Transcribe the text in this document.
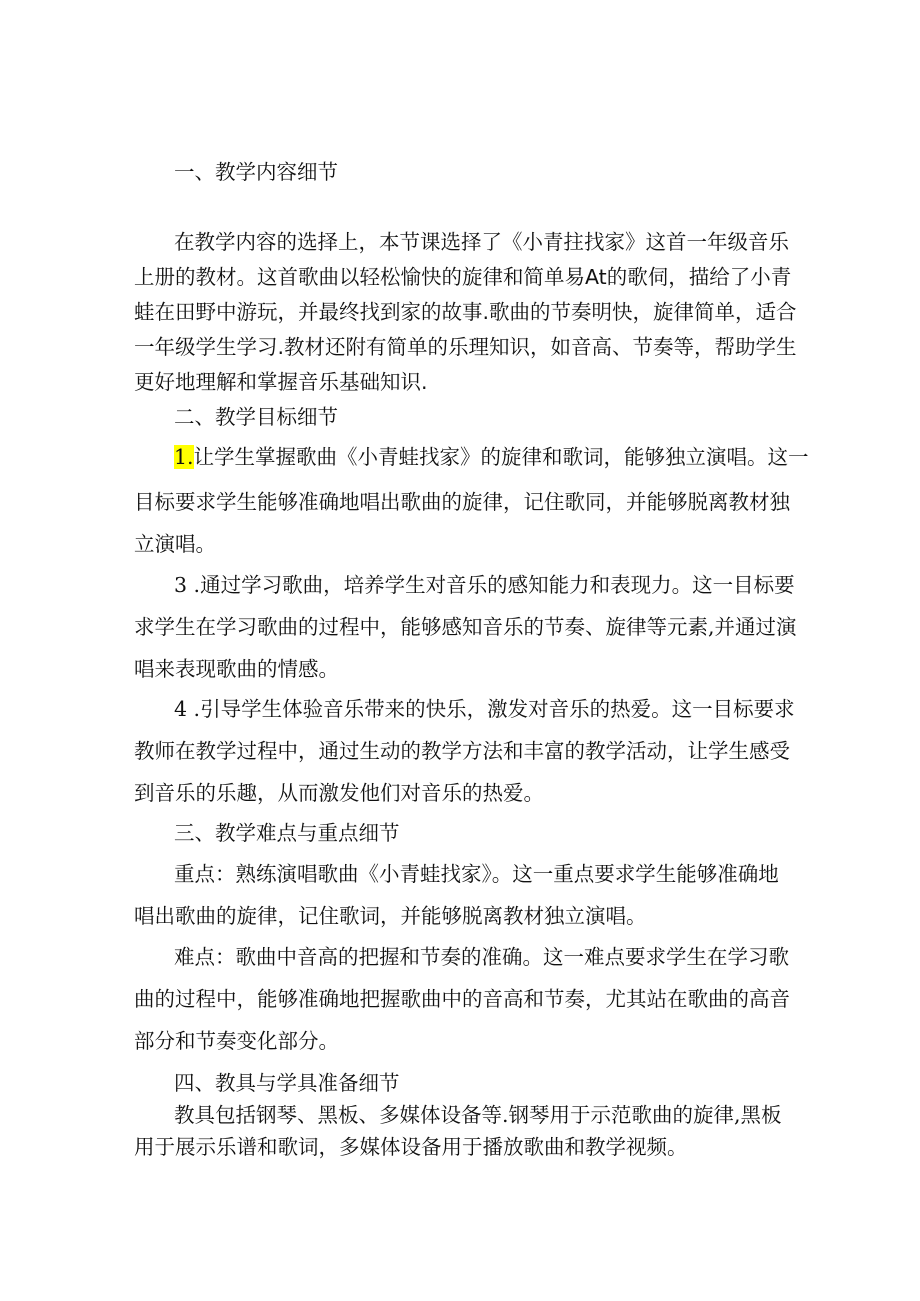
一、教学内容细节
在教学内容的选择上，本节课选择了《小青拄找家》这首一年级音乐
上册的教材。这首歌曲以轻松愉快的旋律和简单易At的歌伺，描给了小青
蛙在田野中游玩，并最终找到家的故事.歌曲的节奏明快，旋律简单，适合
一年级学生学习.教材还附有简单的乐理知识，如音高、节奏等，帮助学生
更好地理解和掌握音乐基础知识.
二、教学目标细节
1.让学生掌握歌曲《小青蛙找家》的旋律和歌词，能够独立演唱。这一
目标要求学生能够准确地唱出歌曲的旋律，记住歌同，并能够脱离教材独
立演唱。
3 .通过学习歌曲，培养学生对音乐的感知能力和表现力。这一目标要
求学生在学习歌曲的过程中，能够感知音乐的节奏、旋律等元素,并通过演
唱来表现歌曲的情感。
4 .引导学生体验音乐带来的快乐，激发对音乐的热爱。这一目标要求
教师在教学过程中，通过生动的教学方法和丰富的教学活动，让学生感受
到音乐的乐趣，从而激发他们对音乐的热爱。
三、教学难点与重点细节
重点：熟练演唱歌曲《小青蛙找家》。这一重点要求学生能够准确地
唱出歌曲的旋律，记住歌词，并能够脱离教材独立演唱。
难点：歌曲中音高的把握和节奏的准确。这一难点要求学生在学习歌
曲的过程中，能够准确地把握歌曲中的音高和节奏，尤其站在歌曲的高音
部分和节奏变化部分。
四、教具与学具准备细节
教具包括钢琴、黑板、多媒体设备等.钢琴用于示范歌曲的旋律,黑板
用于展示乐谱和歌词，多媒体设备用于播放歌曲和教学视频。
